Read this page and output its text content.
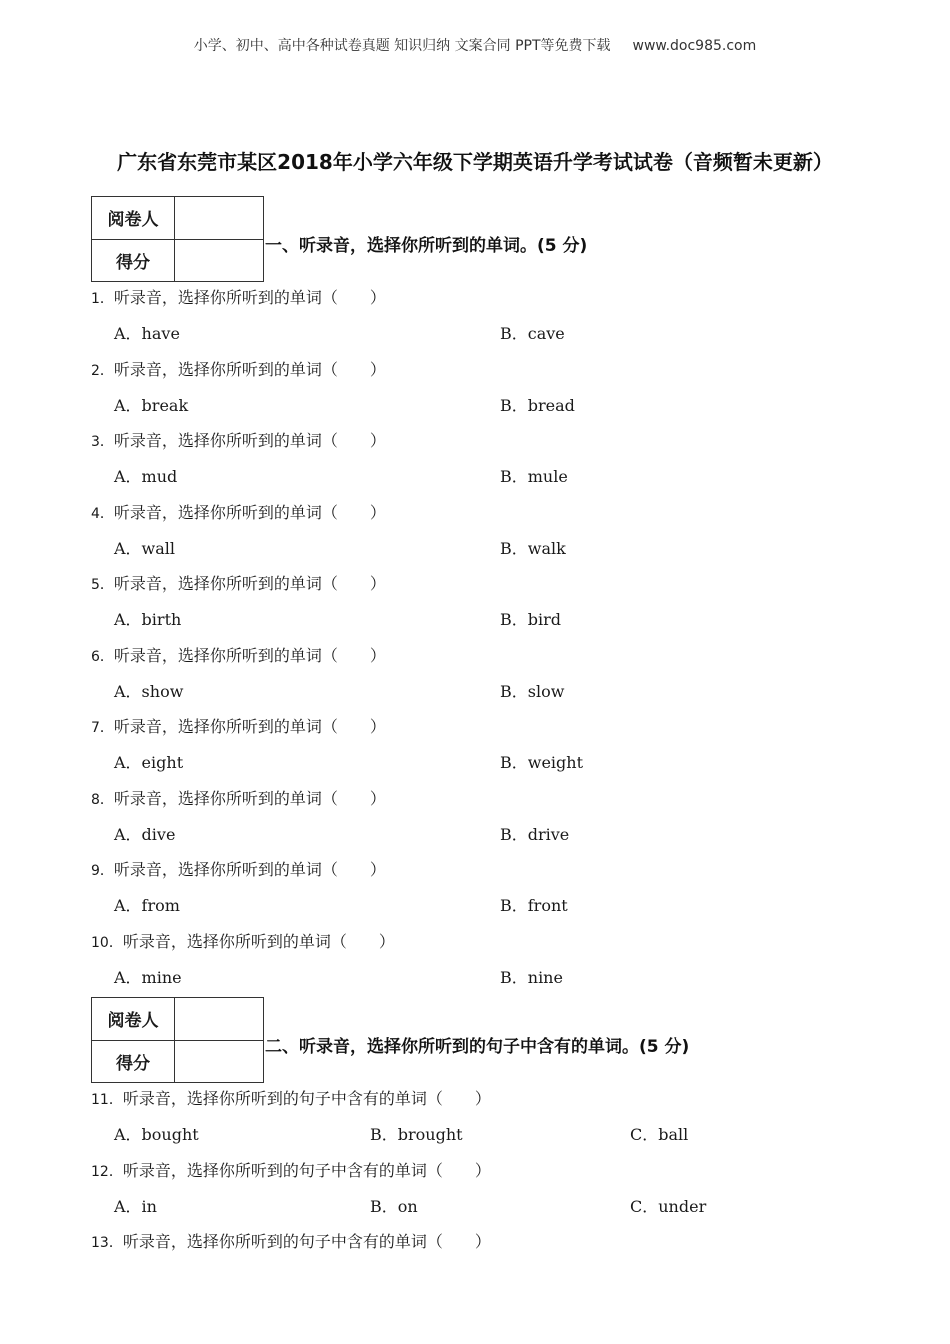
小学、初中、高中各种试卷真题 知识归纳 文案合同 PPT等免费下载 www.doc985.com
广东省东莞市某区2018年小学六年级下学期英语升学考试试卷（音频暂未更新）
阅卷人	
得分	
一、听录音，选择你所听到的单词。(5 分)
1．听录音，选择你所听到的单词（　　）
A．have	B．cave
2．听录音，选择你所听到的单词（　　）
A．break	B．bread
3．听录音，选择你所听到的单词（　　）
A．mud	B．mule
4．听录音，选择你所听到的单词（　　）
A．wall	B．walk
5．听录音，选择你所听到的单词（　　）
A．birth	B．bird
6．听录音，选择你所听到的单词（　　）
A．show	B．slow
7．听录音，选择你所听到的单词（　　）
A．eight	B．weight
8．听录音，选择你所听到的单词（　　）
A．dive	B．drive
9．听录音，选择你所听到的单词（　　）
A．from	B．front
10．听录音，选择你所听到的单词（　　）
A．mine	B．nine
阅卷人	
得分	
二、听录音，选择你所听到的句子中含有的单词。(5 分)
11．听录音，选择你所听到的句子中含有的单词（　　）
A．bought	B．brought	C．ball
12．听录音，选择你所听到的句子中含有的单词（　　）
A．in	B．on	C．under
13．听录音，选择你所听到的句子中含有的单词（　　）
